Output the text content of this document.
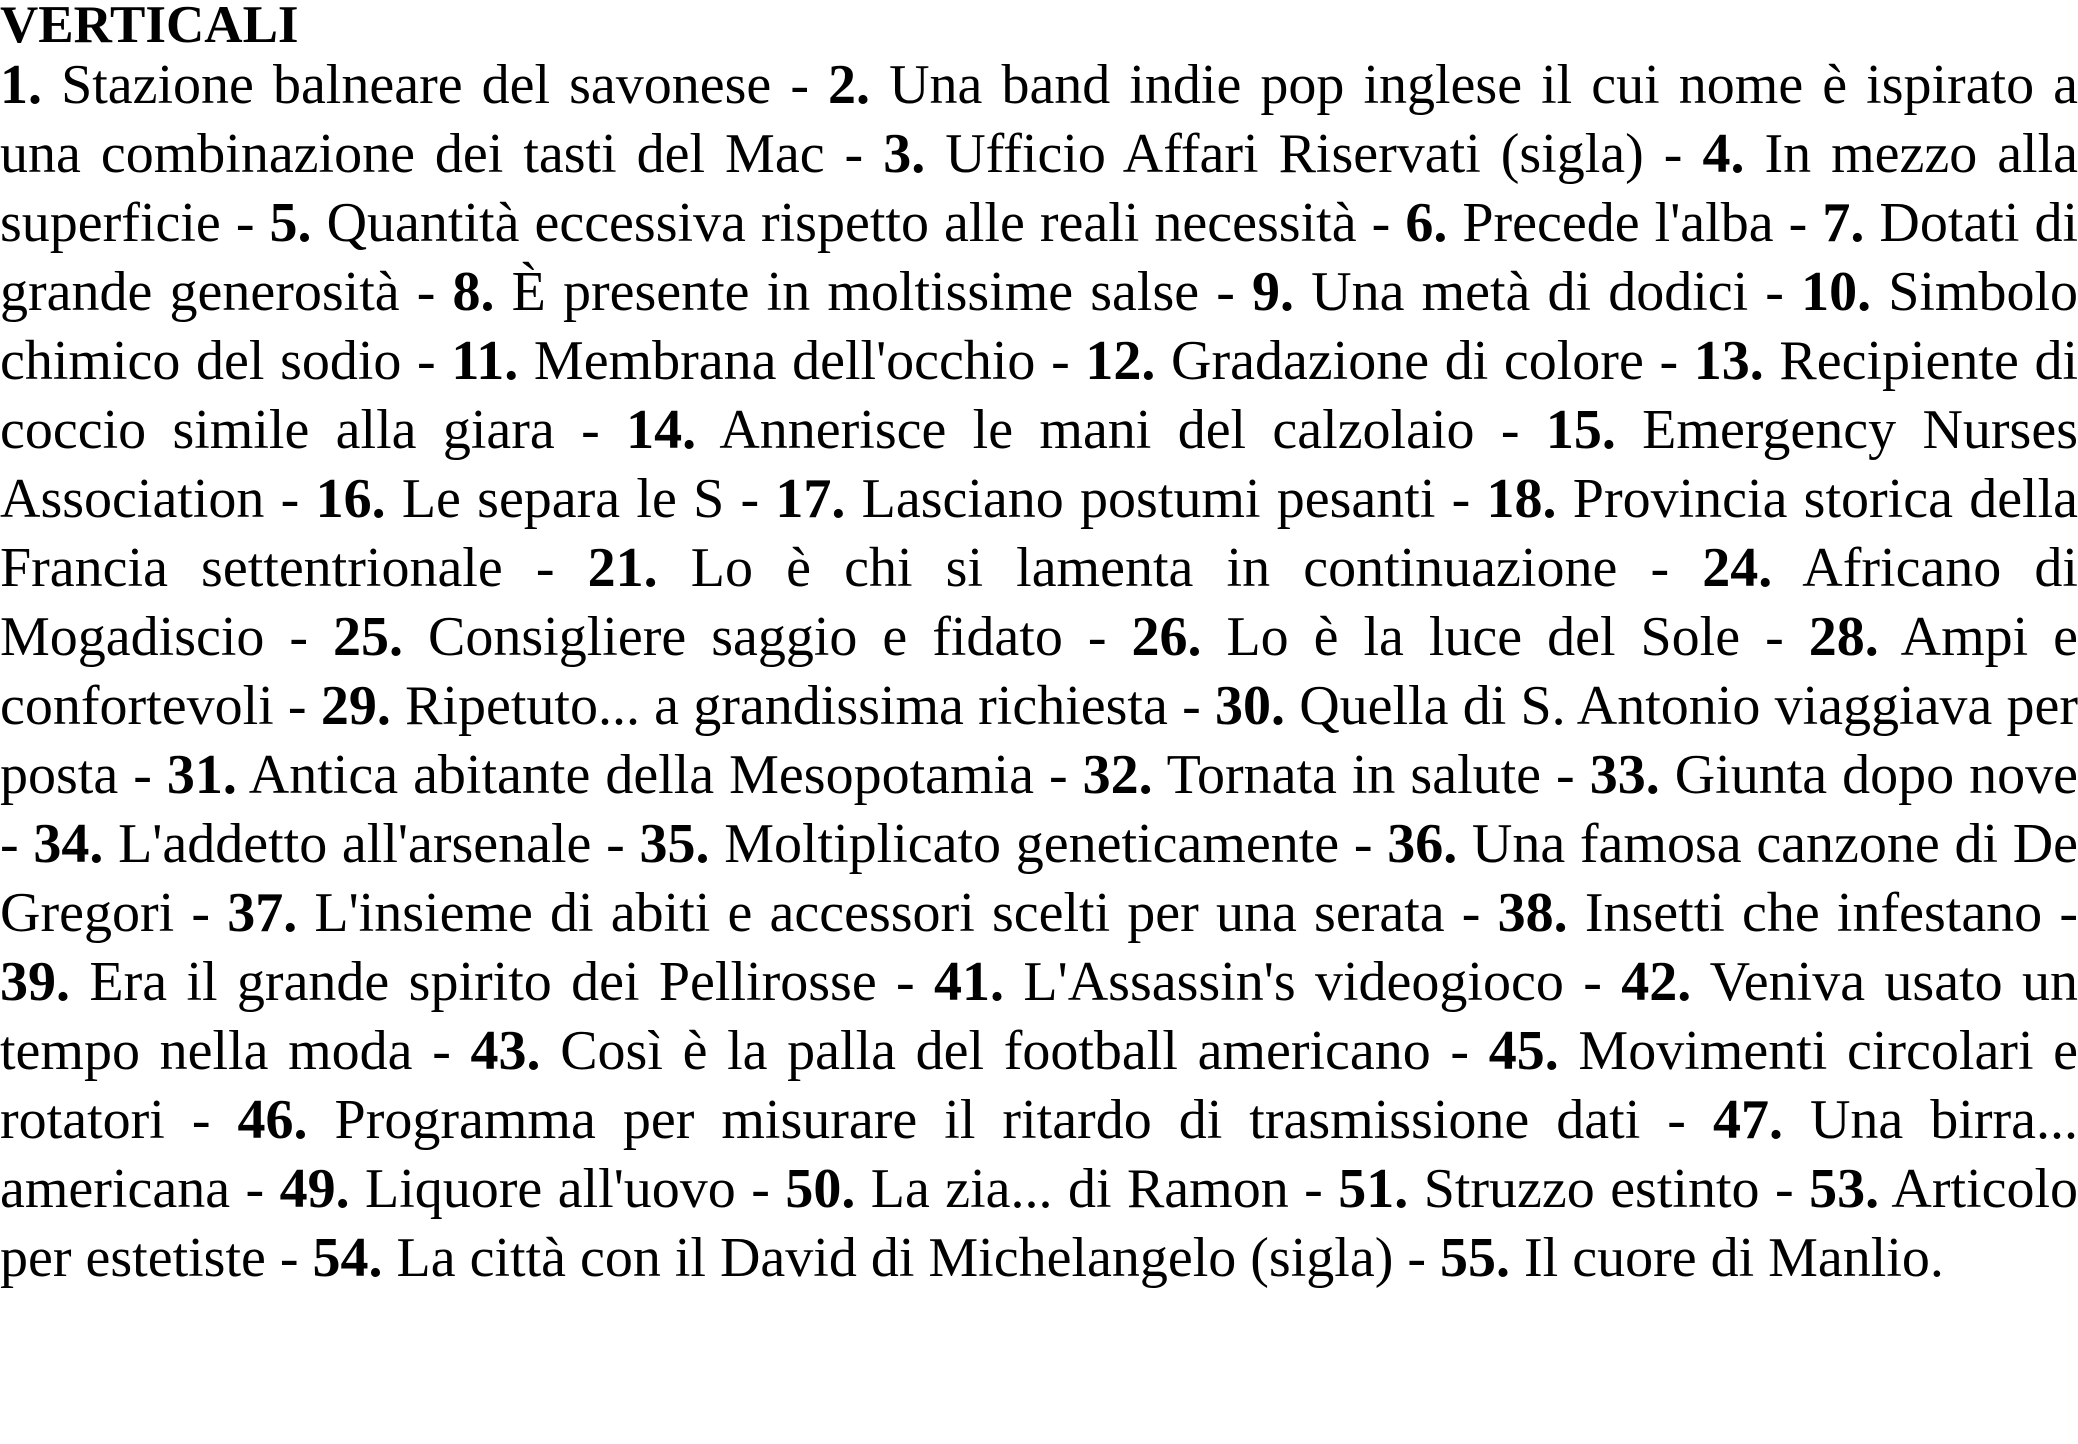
VERTICALI

1. Stazione balneare del savonese - 2. Una band indie pop inglese il cui nome è ispirato a una combinazione dei tasti del Mac - 3. Ufficio Affari Riservati (sigla) - 4. In mezzo alla superficie - 5. Quantità eccessiva rispetto alle reali necessità - 6. Precede l'alba - 7. Dotati di grande generosità - 8. È presente in moltissime salse - 9. Una metà di dodici - 10. Simbolo chimico del sodio - 11. Membrana dell'occhio - 12. Gradazione di colore - 13. Recipiente di coccio simile alla giara - 14. Annerisce le mani del calzolaio - 15. Emergency Nurses Association - 16. Le separa le S - 17. Lasciano postumi pesanti - 18. Provincia storica della Francia settentrionale - 21. Lo è chi si lamenta in continuazione - 24. Africano di Mogadiscio - 25. Consigliere saggio e fidato - 26. Lo è la luce del Sole - 28. Ampi e confortevoli - 29. Ripetuto... a grandissima richiesta - 30. Quella di S. Antonio viaggiava per posta - 31. Antica abitante della Mesopotamia - 32. Tornata in salute - 33. Giunta dopo nove - 34. L'addetto all'arsenale - 35. Moltiplicato geneticamente - 36. Una famosa canzone di De Gregori - 37. L'insieme di abiti e accessori scelti per una serata - 38. Insetti che infestano - 39. Era il grande spirito dei Pellirosse - 41. L'Assassin's videogioco - 42. Veniva usato un tempo nella moda - 43. Così è la palla del football americano - 45. Movimenti circolari e rotatori - 46. Programma per misurare il ritardo di trasmissione dati - 47. Una birra... americana - 49. Liquore all'uovo - 50. La zia... di Ramon - 51. Struzzo estinto - 53. Articolo per estetiste - 54. La città con il David di Michelangelo (sigla) - 55. Il cuore di Manlio.
